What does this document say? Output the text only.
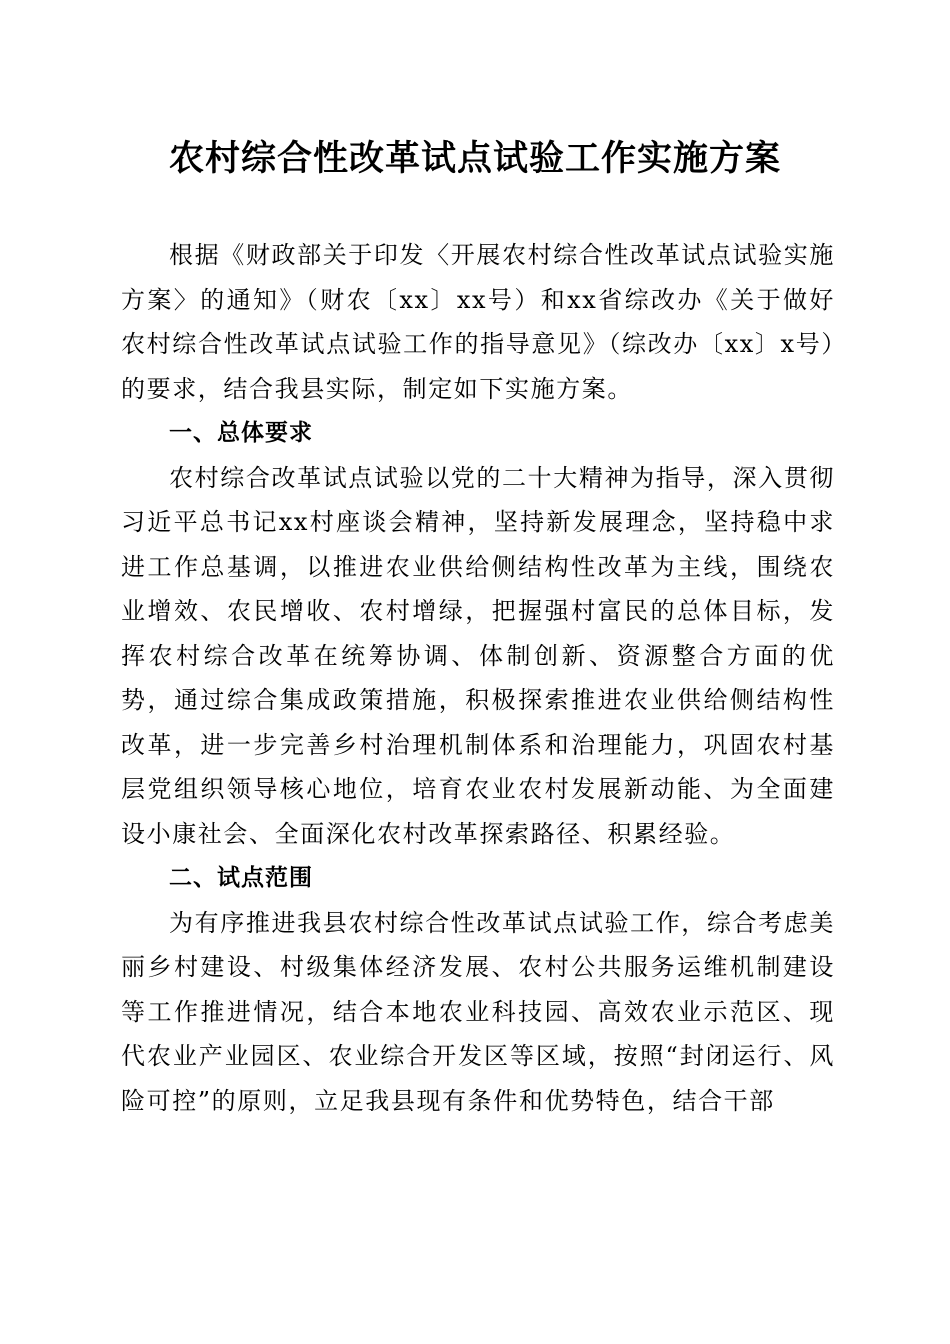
农村综合性改革试点试验工作实施方案

根据《财政部关于印发〈开展农村综合性改革试点试验实施方案〉的通知》（财农〔xx〕xx号）和xx省综改办《关于做好农村综合性改革试点试验工作的指导意见》（综改办〔xx〕x号）的要求，结合我县实际，制定如下实施方案。

一、总体要求

农村综合改革试点试验以党的二十大精神为指导，深入贯彻习近平总书记xx村座谈会精神，坚持新发展理念，坚持稳中求进工作总基调，以推进农业供给侧结构性改革为主线，围绕农业增效、农民增收、农村增绿，把握强村富民的总体目标，发挥农村综合改革在统筹协调、体制创新、资源整合方面的优势，通过综合集成政策措施，积极探索推进农业供给侧结构性改革，进一步完善乡村治理机制体系和治理能力，巩固农村基层党组织领导核心地位，培育农业农村发展新动能、为全面建设小康社会、全面深化农村改革探索路径、积累经验。

二、试点范围

为有序推进我县农村综合性改革试点试验工作，综合考虑美丽乡村建设、村级集体经济发展、农村公共服务运维机制建设等工作推进情况，结合本地农业科技园、高效农业示范区、现代农业产业园区、农业综合开发区等区域，按照“封闭运行、风险可控”的原则，立足我县现有条件和优势特色，结合干部
